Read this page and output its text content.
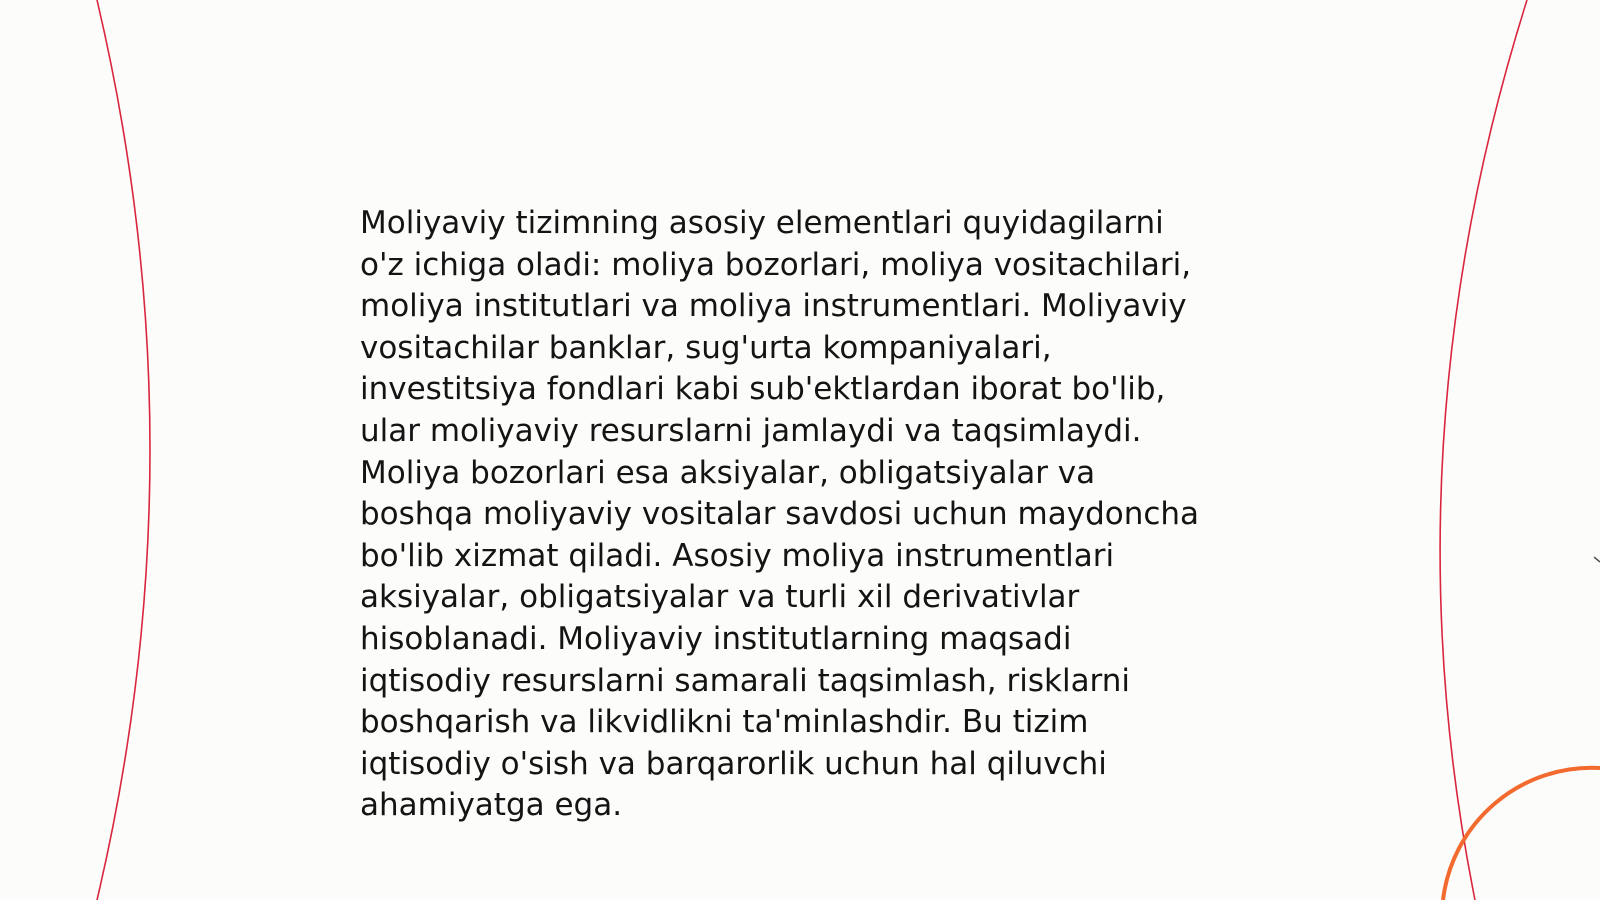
Moliyaviy tizimning asosiy elementlari quyidagilarni
o'z ichiga oladi: moliya bozorlari, moliya vositachilari,
moliya institutlari va moliya instrumentlari. Moliyaviy
vositachilar banklar, sug'urta kompaniyalari,
investitsiya fondlari kabi sub'ektlardan iborat bo'lib,
ular moliyaviy resurslarni jamlaydi va taqsimlaydi.
Moliya bozorlari esa aksiyalar, obligatsiyalar va
boshqa moliyaviy vositalar savdosi uchun maydoncha
bo'lib xizmat qiladi. Asosiy moliya instrumentlari
aksiyalar, obligatsiyalar va turli xil derivativlar
hisoblanadi. Moliyaviy institutlarning maqsadi
iqtisodiy resurslarni samarali taqsimlash, risklarni
boshqarish va likvidlikni ta'minlashdir. Bu tizim
iqtisodiy o'sish va barqarorlik uchun hal qiluvchi
ahamiyatga ega.
